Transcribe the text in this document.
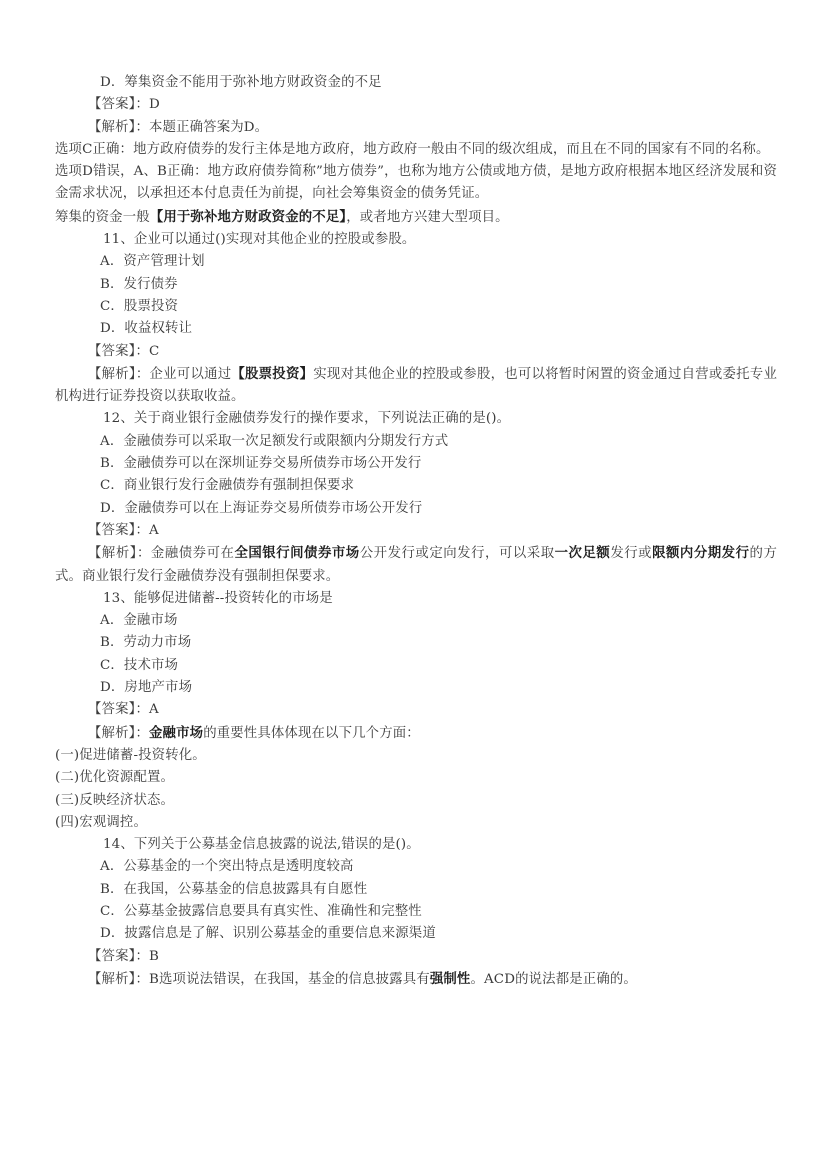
D．筹集资金不能用于弥补地方财政资金的不足

【答案】：D

【解析】：本题正确答案为D。

选项C正确：地方政府债券的发行主体是地方政府，地方政府一般由不同的级次组成，而且在不同的国家有不同的名称。

选项D错误，A、B正确：地方政府债券简称”地方债券”，也称为地方公债或地方债，是地方政府根据本地区经济发展和资金需求状况，以承担还本付息责任为前提，向社会筹集资金的债务凭证。

筹集的资金一般【用于弥补地方财政资金的不足】，或者地方兴建大型项目。

11、企业可以通过()实现对其他企业的控股或参股。

A．资产管理计划

B．发行债券

C．股票投资

D．收益权转让

【答案】：C

【解析】：企业可以通过【股票投资】实现对其他企业的控股或参股，也可以将暂时闲置的资金通过自营或委托专业机构进行证券投资以获取收益。

12、关于商业银行金融债券发行的操作要求，下列说法正确的是()。

A．金融债券可以采取一次足额发行或限额内分期发行方式

B．金融债券可以在深圳证券交易所债券市场公开发行

C．商业银行发行金融债券有强制担保要求

D．金融债券可以在上海证券交易所债券市场公开发行

【答案】：A

【解析】：金融债券可在全国银行间债券市场公开发行或定向发行，可以采取一次足额发行或限额内分期发行的方式。商业银行发行金融债券没有强制担保要求。

13、能够促进储蓄--投资转化的市场是

A．金融市场

B．劳动力市场

C．技术市场

D．房地产市场

【答案】：A

【解析】：金融市场的重要性具体体现在以下几个方面：

(一)促进储蓄-投资转化。

(二)优化资源配置。

(三)反映经济状态。

(四)宏观调控。

14、下列关于公募基金信息披露的说法,错误的是()。

A．公募基金的一个突出特点是透明度较高

B．在我国，公募基金的信息披露具有自愿性

C．公募基金披露信息要具有真实性、准确性和完整性

D．披露信息是了解、识别公募基金的重要信息来源渠道

【答案】：B

【解析】：B选项说法错误，在我国，基金的信息披露具有强制性。ACD的说法都是正确的。
